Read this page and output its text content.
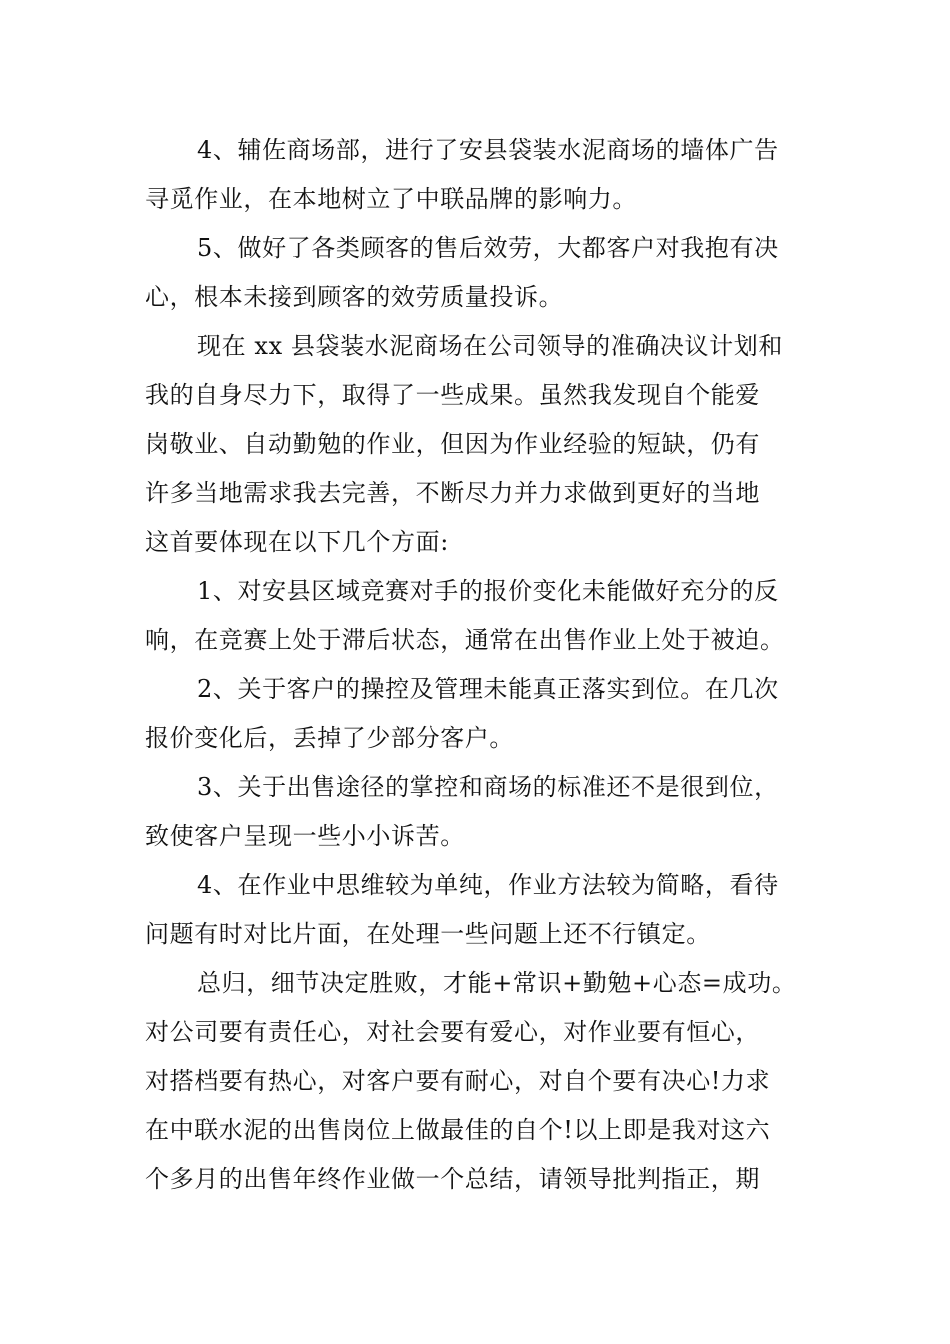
4、辅佐商场部，进行了安县袋装水泥商场的墙体广告
寻觅作业，在本地树立了中联品牌的影响力。
5、做好了各类顾客的售后效劳，大都客户对我抱有决
心，根本未接到顾客的效劳质量投诉。
现在 xx 县袋装水泥商场在公司领导的准确决议计划和
我的自身尽力下，取得了一些成果。虽然我发现自个能爱
岗敬业、自动勤勉的作业，但因为作业经验的短缺，仍有
许多当地需求我去完善，不断尽力并力求做到更好的当地
这首要体现在以下几个方面:
1、对安县区域竞赛对手的报价变化未能做好充分的反
响，在竞赛上处于滞后状态，通常在出售作业上处于被迫。
2、关于客户的操控及管理未能真正落实到位。在几次
报价变化后，丢掉了少部分客户。
3、关于出售途径的掌控和商场的标准还不是很到位，
致使客户呈现一些小小诉苦。
4、在作业中思维较为单纯，作业方法较为简略，看待
问题有时对比片面，在处理一些问题上还不行镇定。
总归，细节决定胜败，才能+常识+勤勉+心态=成功。
对公司要有责任心，对社会要有爱心，对作业要有恒心，
对搭档要有热心，对客户要有耐心，对自个要有决心!力求
在中联水泥的出售岗位上做最佳的自个!以上即是我对这六
个多月的出售年终作业做一个总结，请领导批判指正，期
